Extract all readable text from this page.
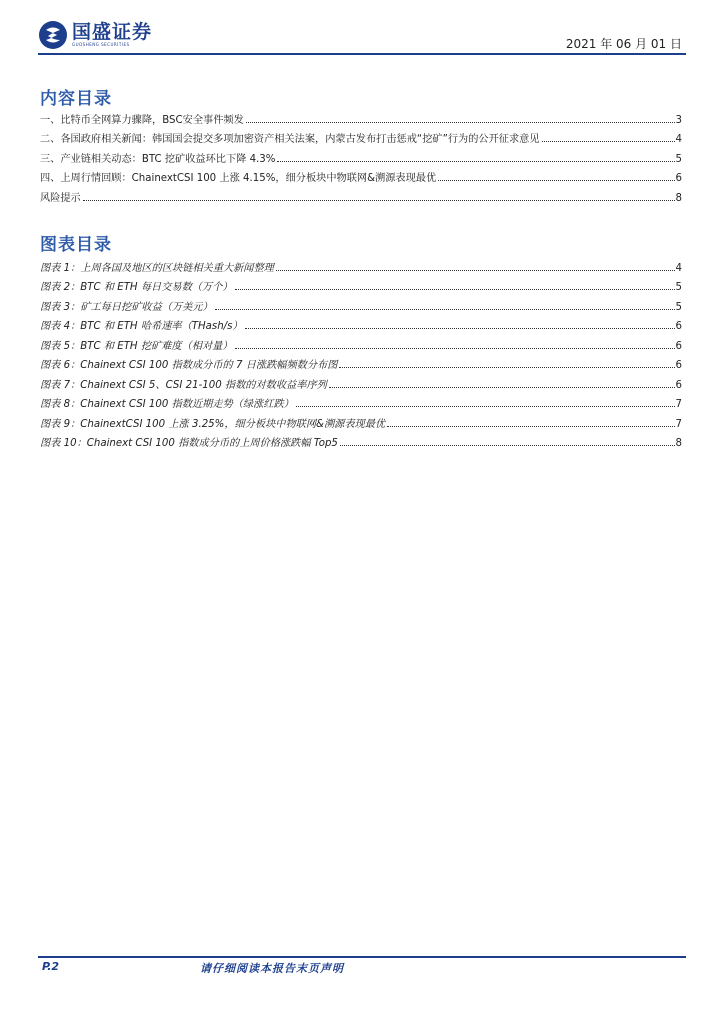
国盛证券
GUOSHENG SECURITIES	2021 年 06 月 01 日
内容目录
一、比特币全网算力骤降，BSC安全事件频发	3
二、各国政府相关新闻：韩国国会提交多项加密资产相关法案，内蒙古发布打击惩戒“挖矿”行为的公开征求意见	4
三、产业链相关动态：BTC 挖矿收益环比下降 4.3%	5
四、上周行情回顾：ChainextCSI 100 上涨 4.15%，细分板块中物联网&溯源表现最优	6
风险提示	8
图表目录
图表 1：上周各国及地区的区块链相关重大新闻整理	4
图表 2：BTC 和 ETH 每日交易数（万个）	5
图表 3：矿工每日挖矿收益（万美元）	5
图表 4：BTC 和 ETH 哈希速率（THash/s）	6
图表 5：BTC 和 ETH 挖矿难度（相对量）	6
图表 6：Chainext CSI 100 指数成分币的 7 日涨跌幅频数分布图	6
图表 7：Chainext CSI 5、CSI 21-100 指数的对数收益率序列	6
图表 8：Chainext CSI 100 指数近期走势（绿涨红跌）	7
图表 9：ChainextCSI 100 上涨 3.25%，细分板块中物联网&溯源表现最优	7
图表 10：Chainext CSI 100 指数成分币的上周价格涨跌幅 Top5	8
P.2	请仔细阅读本报告末页声明
